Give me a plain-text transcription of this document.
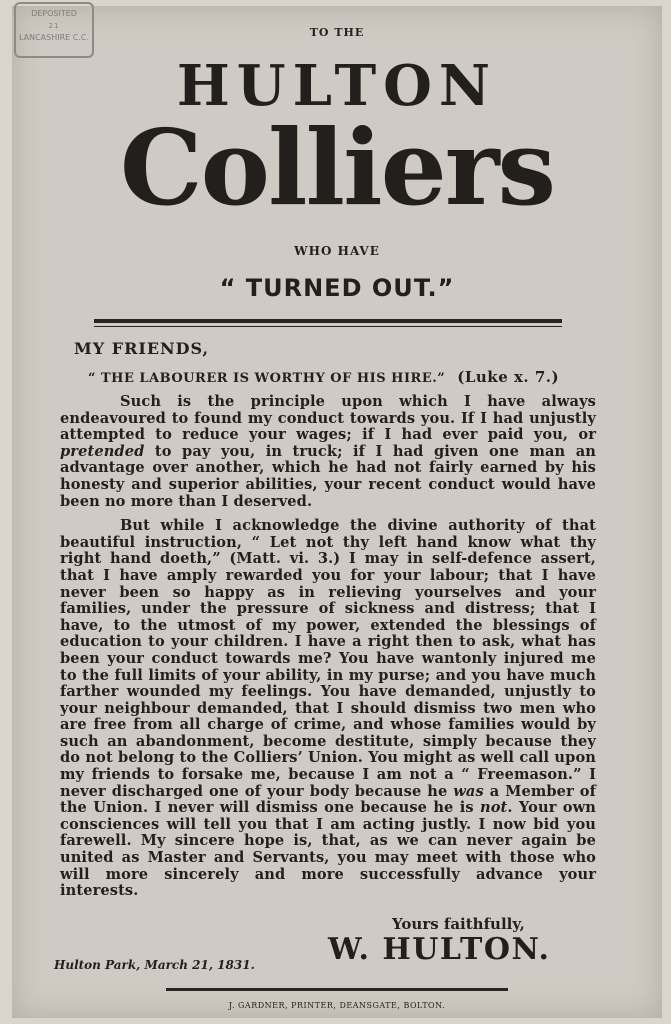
DEPOSITED
21
LANCASHIRE C.C.	TO THE
HULTON
Colliers
WHO HAVE
“ TURNED OUT.”
MY FRIENDS,
“ THE LABOURER IS WORTHY OF HIS HIRE.” (Luke x. 7.)

Such is the principle upon which I have always endeavoured to found my conduct towards you. If I had unjustly attempted to reduce your wages; if I had ever paid you, or pretended to pay you, in truck; if I had given one man an advantage over another, which he had not fairly earned by his honesty and superior abilities, your recent conduct would have been no more than I deserved.

But while I acknowledge the divine authority of that beautiful instruction, “ Let not thy left hand know what thy right hand doeth,” (Matt. vi. 3.) I may in self-defence assert, that I have amply rewarded you for your labour; that I have never been so happy as in relieving yourselves and your families, under the pressure of sickness and distress; that I have, to the utmost of my power, extended the blessings of education to your children. I have a right then to ask, what has been your conduct towards me? You have wantonly injured me to the full limits of your ability, in my purse; and you have much farther wounded my feelings. You have demanded, unjustly to your neighbour demanded, that I should dismiss two men who are free from all charge of crime, and whose families would by such an abandonment, become destitute, simply because they do not belong to the Colliers’ Union. You might as well call upon my friends to forsake me, because I am not a “ Freemason.” I never discharged one of your body because he was a Member of the Union. I never will dismiss one because he is not. Your own consciences will tell you that I am acting justly. I now bid you farewell. My sincere hope is, that, as we can never again be united as Master and Servants, you may meet with those who will more sincerely and more successfully advance your interests.

Yours faithfully,
W. HULTON.
Hulton Park, March 21, 1831.
J. GARDNER, PRINTER, DEANSGATE, BOLTON.
